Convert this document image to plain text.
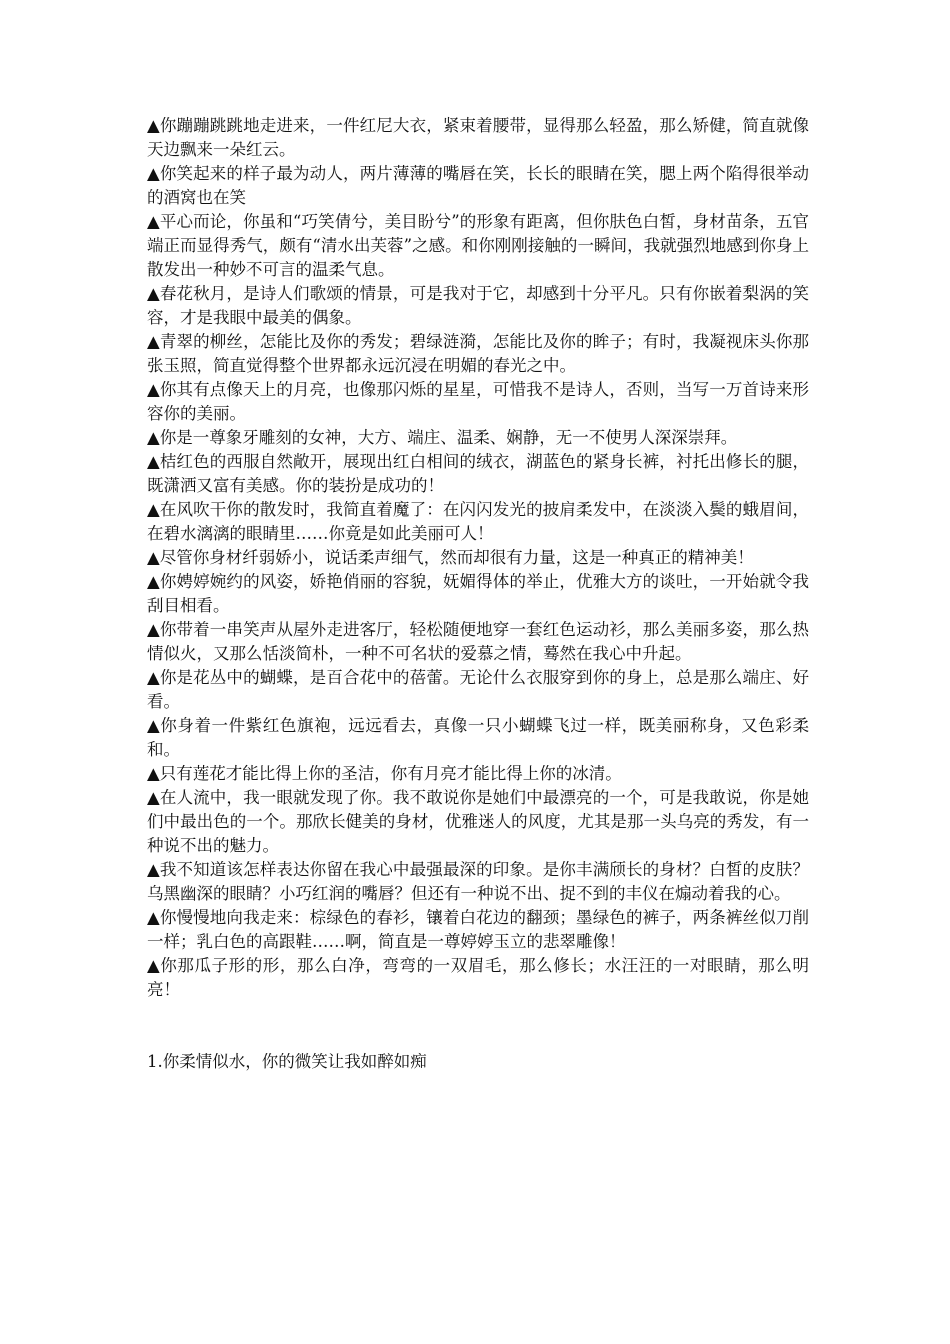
▲你蹦蹦跳跳地走进来，一件红尼大衣，紧束着腰带，显得那么轻盈，那么矫健，简直就像天边飘来一朵红云。

▲你笑起来的样子最为动人，两片薄薄的嘴唇在笑，长长的眼睛在笑，腮上两个陷得很举动的酒窝也在笑

▲平心而论，你虽和“巧笑倩兮，美目盼兮”的形象有距离，但你肤色白皙，身材苗条，五官端正而显得秀气，颇有“清水出芙蓉”之感。和你刚刚接触的一瞬间，我就强烈地感到你身上散发出一种妙不可言的温柔气息。

▲春花秋月，是诗人们歌颂的情景，可是我对于它，却感到十分平凡。只有你嵌着梨涡的笑容，才是我眼中最美的偶象。

▲青翠的柳丝，怎能比及你的秀发；碧绿涟漪，怎能比及你的眸子；有时，我凝视床头你那张玉照，简直觉得整个世界都永远沉浸在明媚的春光之中。

▲你其有点像天上的月亮，也像那闪烁的星星，可惜我不是诗人，否则，当写一万首诗来形容你的美丽。

▲你是一尊象牙雕刻的女神，大方、端庄、温柔、娴静，无一不使男人深深崇拜。

▲桔红色的西服自然敞开，展现出红白相间的绒衣，湖蓝色的紧身长裤，衬托出修长的腿，既潇洒又富有美感。你的装扮是成功的！

▲在风吹干你的散发时，我简直着魔了：在闪闪发光的披肩柔发中，在淡淡入鬓的蛾眉间，在碧水漓漓的眼睛里……你竟是如此美丽可人！

▲尽管你身材纤弱娇小，说话柔声细气，然而却很有力量，这是一种真正的精神美！

▲你娉婷婉约的风姿，娇艳俏丽的容貌，妩媚得体的举止，优雅大方的谈吐，一开始就令我刮目相看。

▲你带着一串笑声从屋外走进客厅，轻松随便地穿一套红色运动衫，那么美丽多姿，那么热情似火，又那么恬淡简朴，一种不可名状的爱慕之情，蓦然在我心中升起。

▲你是花丛中的蝴蝶，是百合花中的蓓蕾。无论什么衣服穿到你的身上，总是那么端庄、好看。

▲你身着一件紫红色旗袍，远远看去，真像一只小蝴蝶飞过一样，既美丽称身，又色彩柔和。

▲只有莲花才能比得上你的圣洁，你有月亮才能比得上你的冰清。

▲在人流中，我一眼就发现了你。我不敢说你是她们中最漂亮的一个，可是我敢说，你是她们中最出色的一个。那欣长健美的身材，优雅迷人的风度，尤其是那一头乌亮的秀发，有一种说不出的魅力。

▲我不知道该怎样表达你留在我心中最强最深的印象。是你丰满颀长的身材？白皙的皮肤？乌黑幽深的眼睛？小巧红润的嘴唇？但还有一种说不出、捉不到的丰仪在煽动着我的心。

▲你慢慢地向我走来：棕绿色的春衫，镶着白花边的翻颈；墨绿色的裤子，两条裤丝似刀削一样；乳白色的高跟鞋……啊，简直是一尊婷婷玉立的悲翠雕像！

▲你那瓜子形的形，那么白净，弯弯的一双眉毛，那么修长；水汪汪的一对眼睛，那么明亮！

1.你柔情似水，你的微笑让我如醉如痴
